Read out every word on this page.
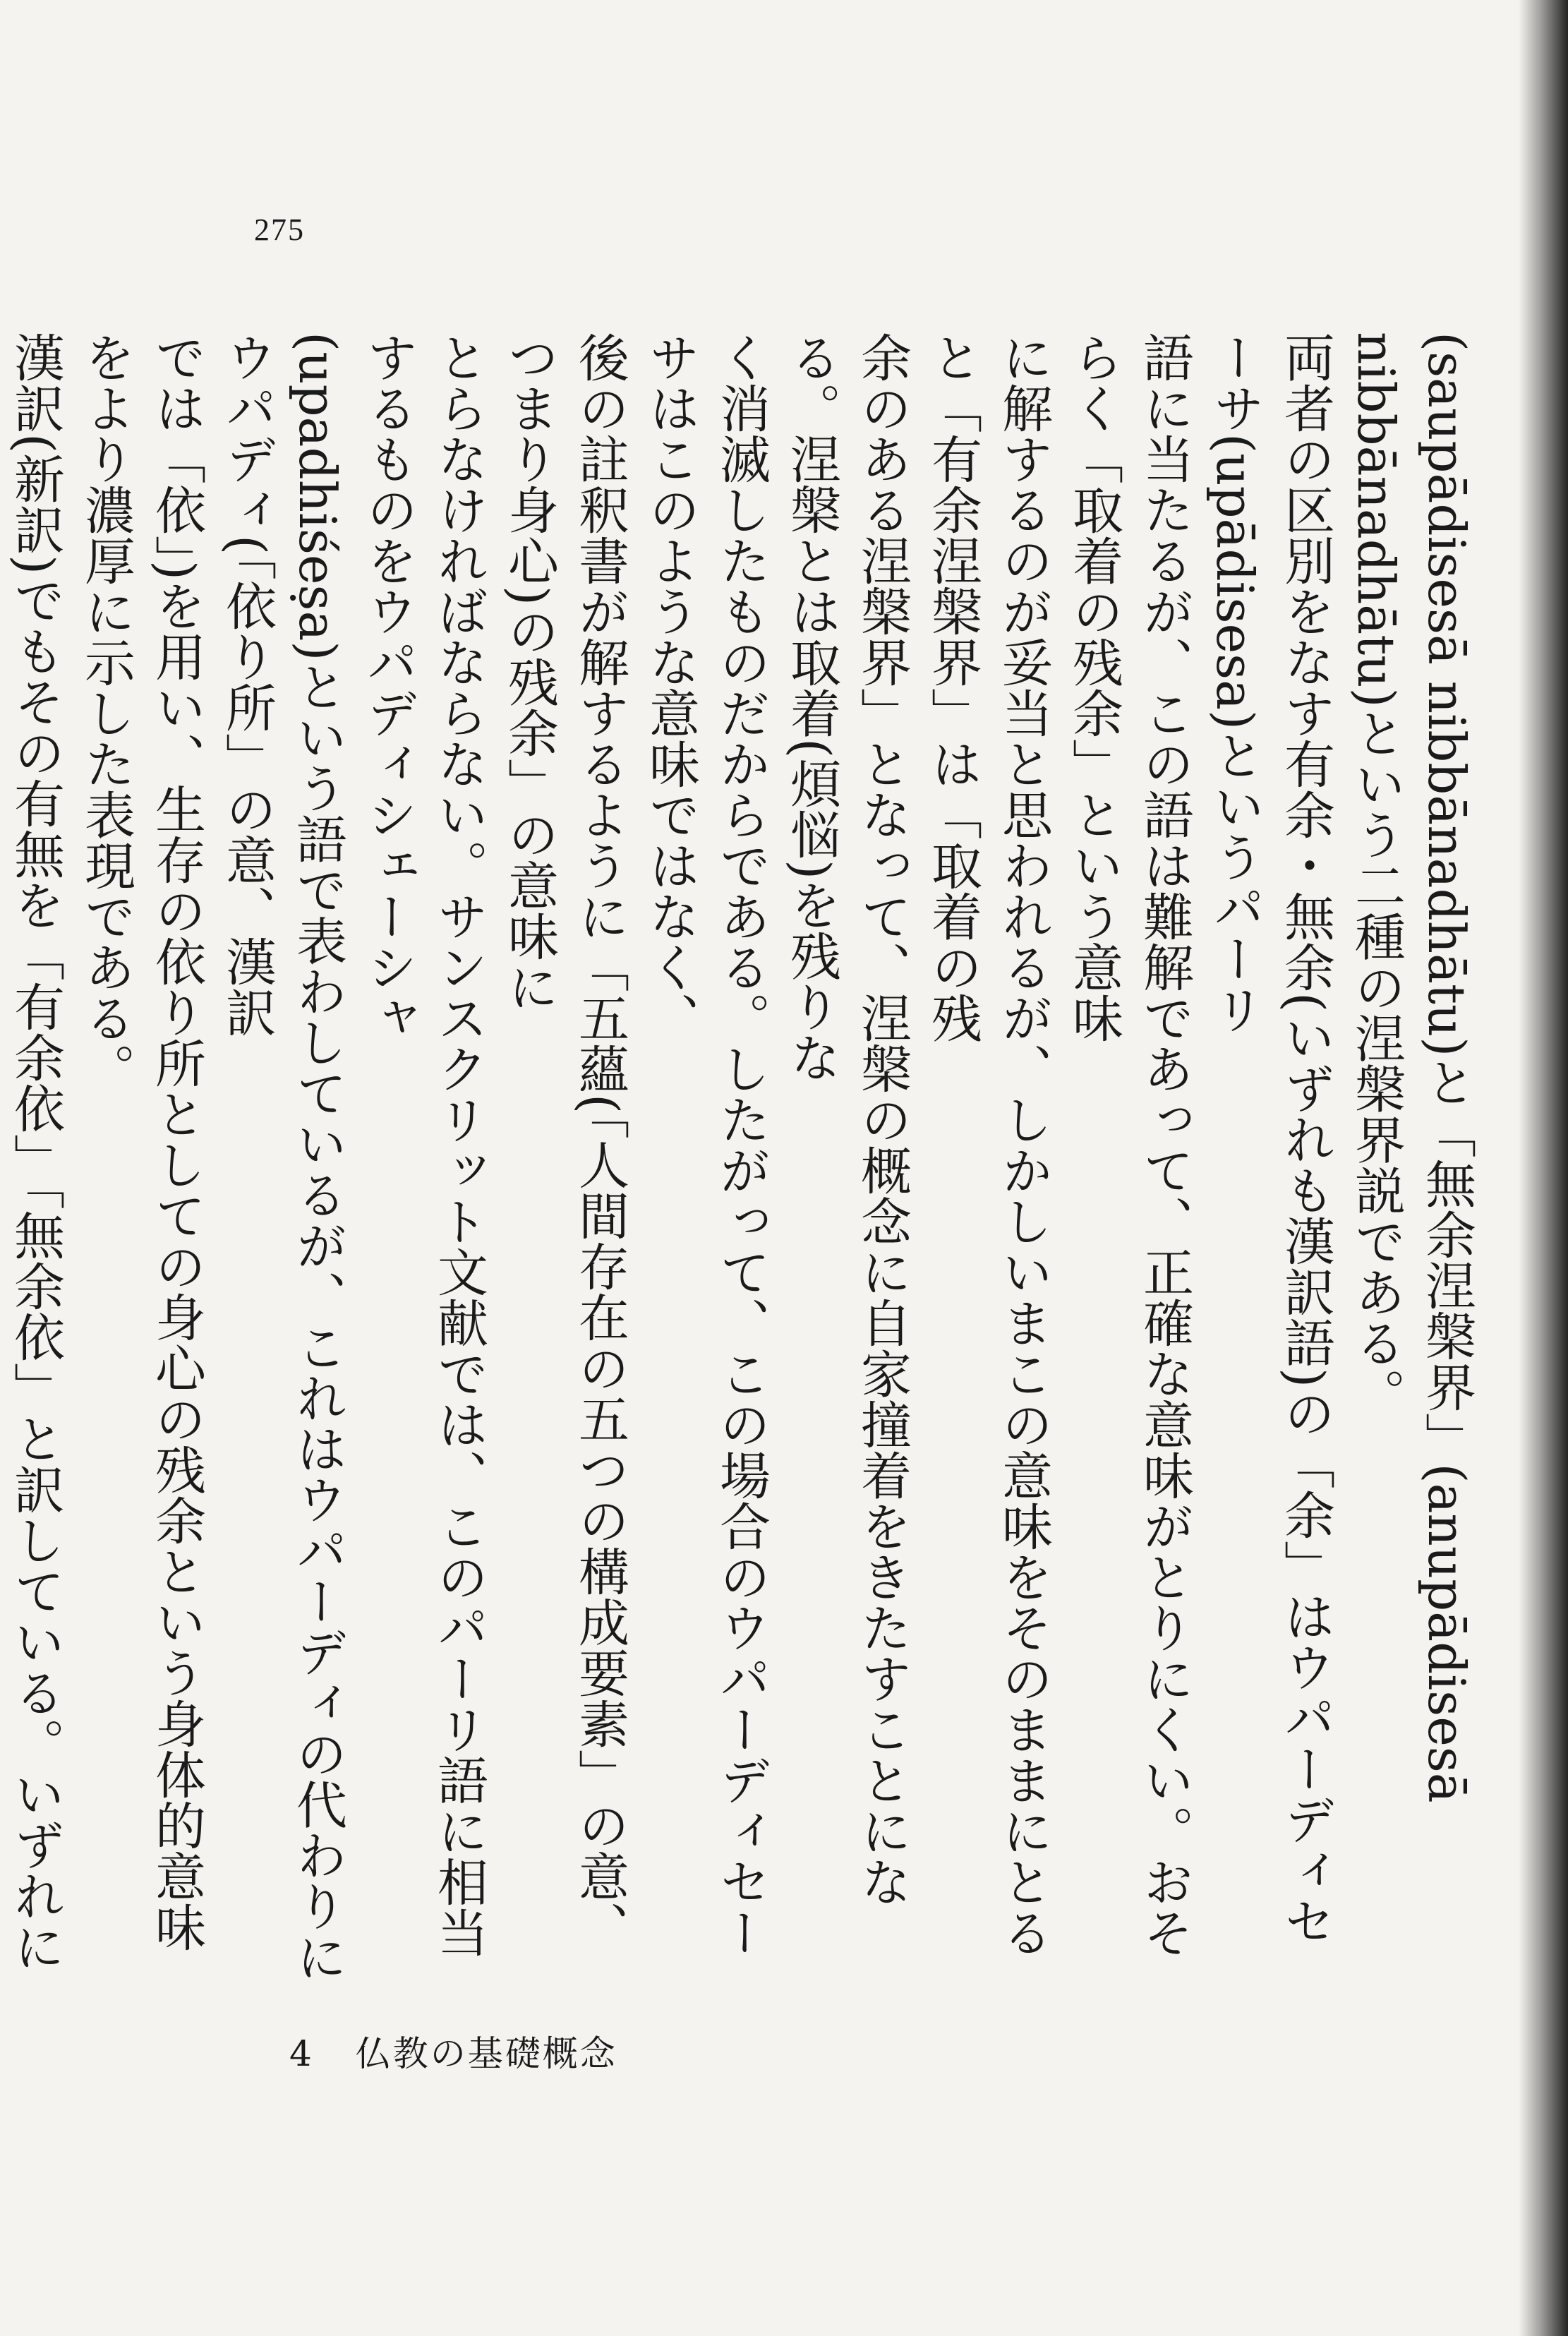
275

(saupādisesā nibbānadhātu)と「無余涅槃界」(anupādisesā nibbānadhātu)という二種の涅槃界説である。

両者の区別をなす有余・無余(いずれも漢訳語)の「余」はウパーディセーサ(upādisesa)というパーリ

語に当たるが、この語は難解であって、正確な意味がとりにくい。おそらく「取着の残余」という意味

に解するのが妥当と思われるが、しかしいまこの意味をそのままにとると「有余涅槃界」は「取着の残

余のある涅槃界」となって、涅槃の概念に自家撞着をきたすことになる。涅槃とは取着(煩悩)を残りな

く消滅したものだからである。したがって、この場合のウパーディセーサはこのような意味ではなく、

後の註釈書が解するように「五蘊(「人間存在の五つの構成要素」の意、つまり身心)の残余」の意味に

とらなければならない。サンスクリット文献では、このパーリ語に相当するものをウパディシェーシャ

(upadhiśeṣa)という語で表わしているが、これはウパーディの代わりにウパディ(「依り所」の意、漢訳

では「依」)を用い、生存の依り所としての身心の残余という身体的意味をより濃厚に示した表現である。

漢訳(新訳)でもその有無を「有余依」「無余依」と訳している。いずれに

4 仏教の基礎概念
